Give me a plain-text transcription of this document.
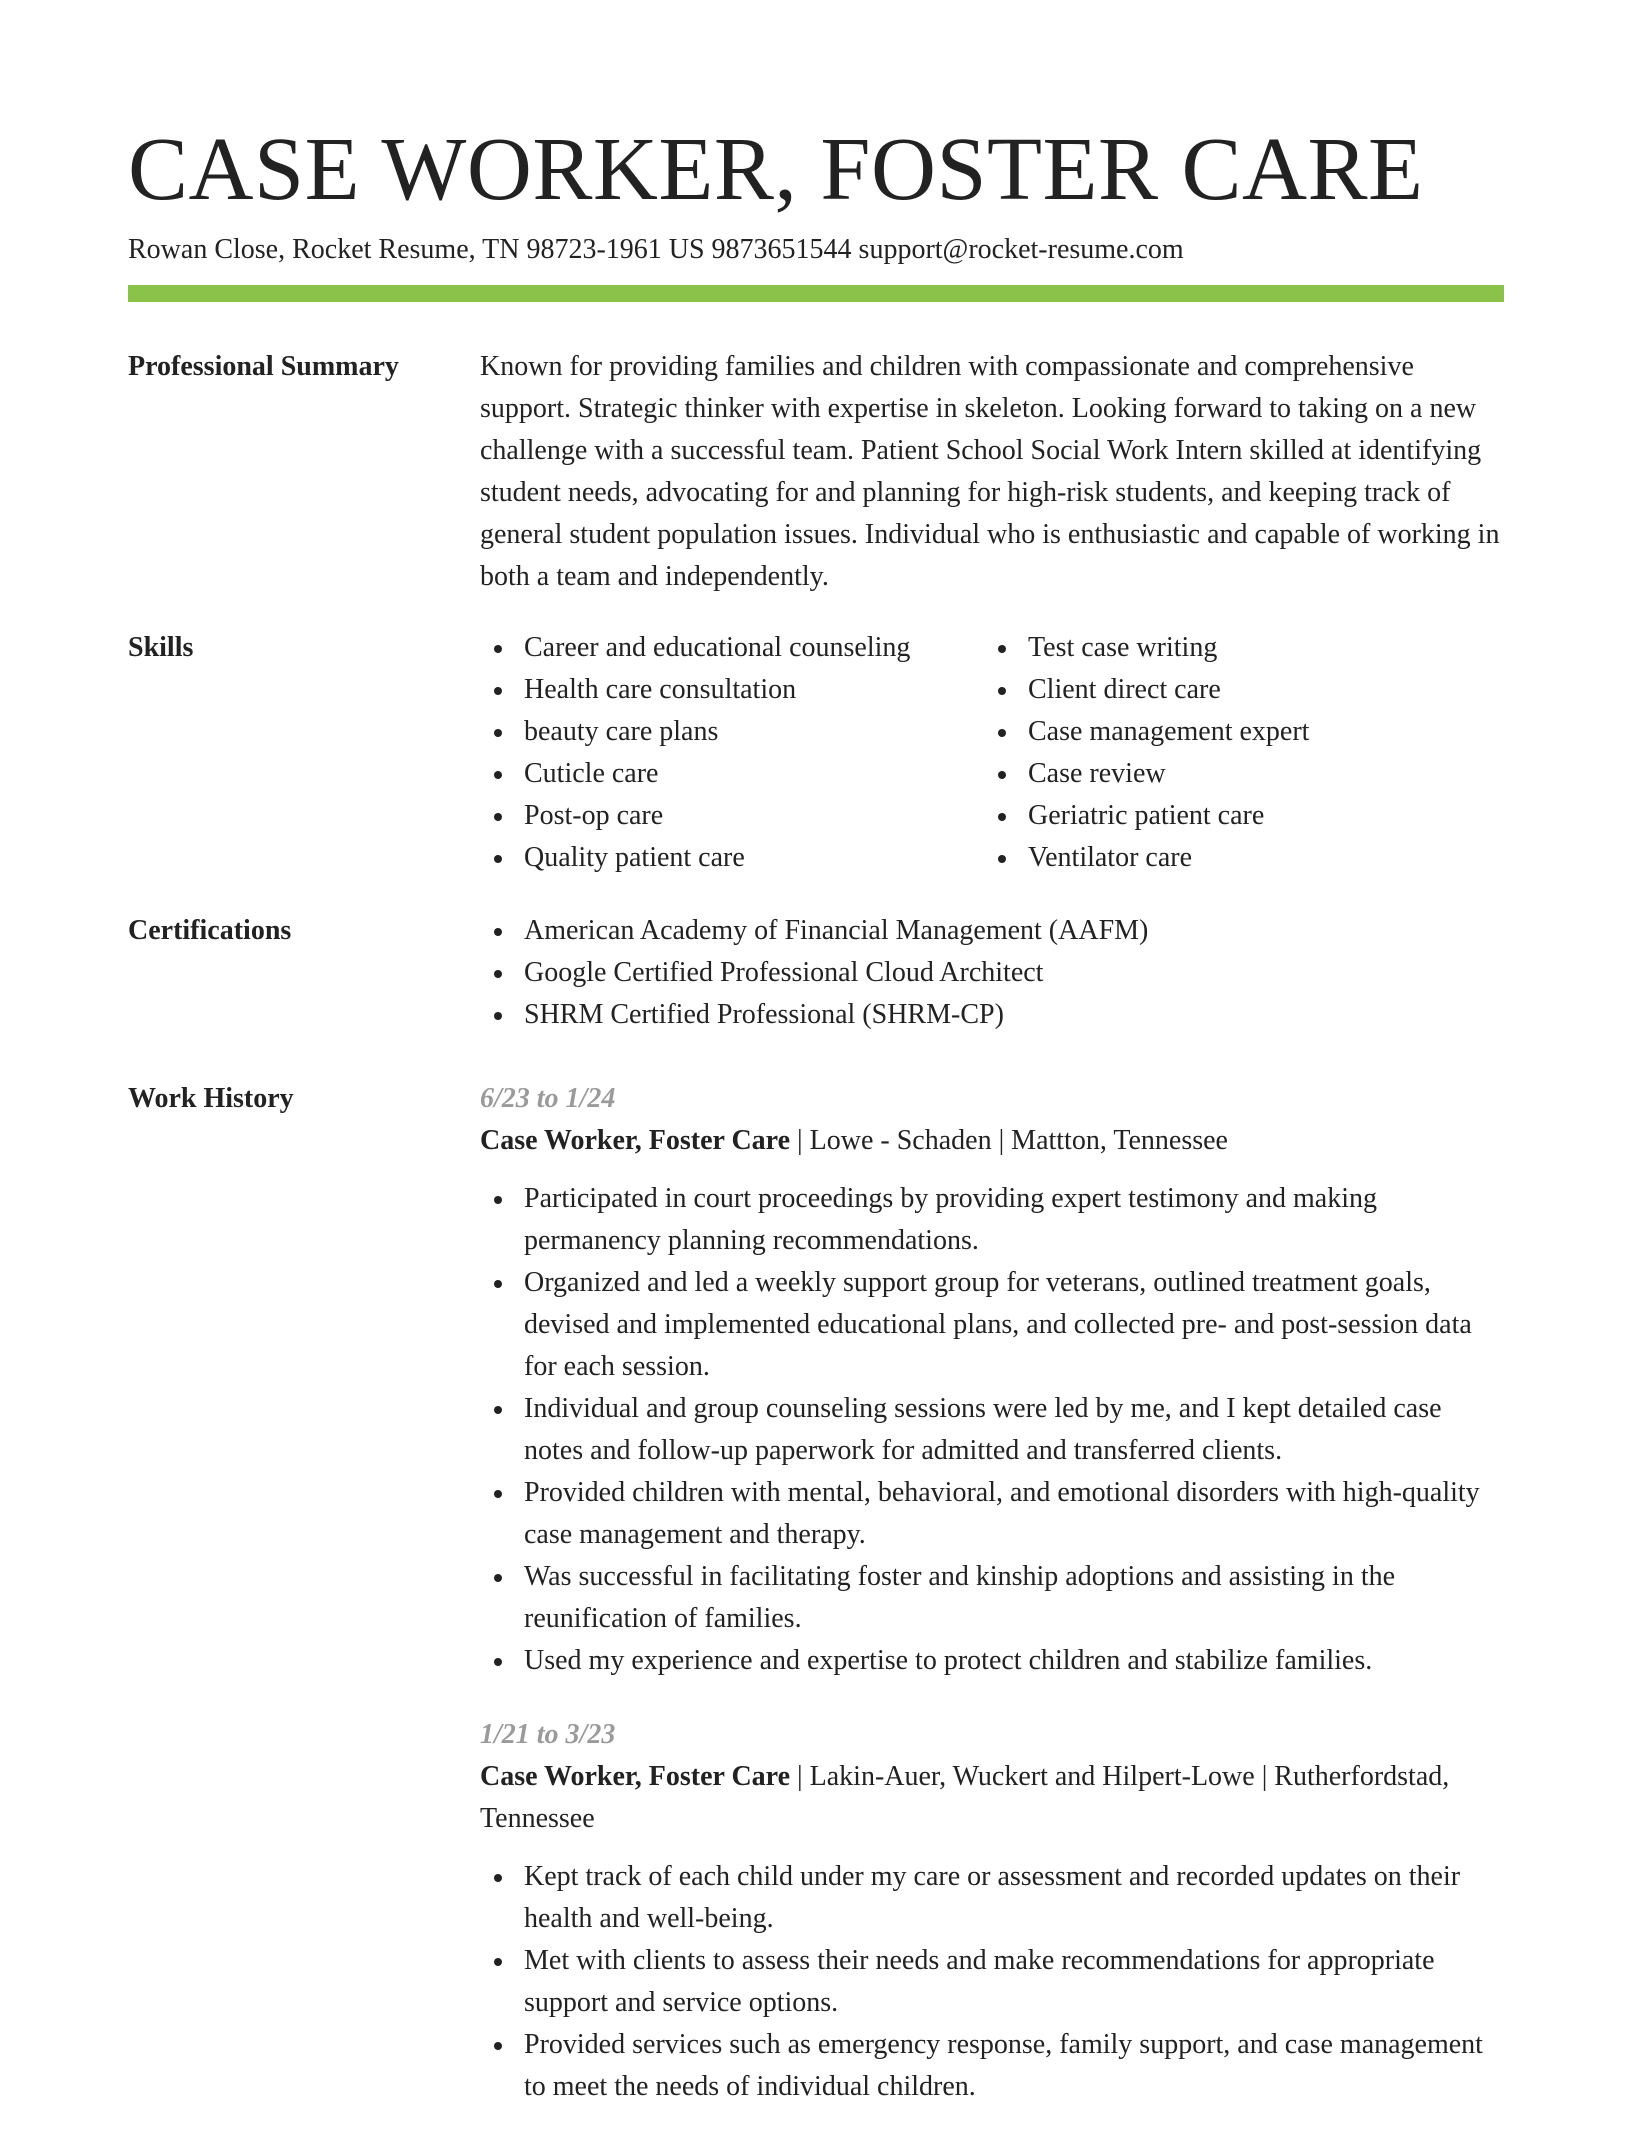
CASE WORKER, FOSTER CARE
Rowan Close, Rocket Resume, TN 98723-1961 US 9873651544 support@rocket-resume.com
Professional Summary	Known for providing families and children with compassionate and comprehensive support. Strategic thinker with expertise in skeleton. Looking forward to taking on a new challenge with a successful team. Patient School Social Work Intern skilled at identifying student needs, advocating for and planning for high-risk students, and keeping track of general student population issues. Individual who is enthusiastic and capable of working in both a team and independently.

Skills	Career and educational counseling
Health care consultation
beauty care plans
Cuticle care
Post-op care
Quality patient care
Test case writing
Client direct care
Case management expert
Case review
Geriatric patient care
Ventilator care
Certifications	American Academy of Financial Management (AAFM)
Google Certified Professional Cloud Architect
SHRM Certified Professional (SHRM-CP)
Work History	6/23 to 1/24

Case Worker, Foster Care | Lowe - Schaden | Mattton, Tennessee

Participated in court proceedings by providing expert testimony and making permanency planning recommendations.
Organized and led a weekly support group for veterans, outlined treatment goals, devised and implemented educational plans, and collected pre- and post-session data for each session.
Individual and group counseling sessions were led by me, and I kept detailed case notes and follow-up paperwork for admitted and transferred clients.
Provided children with mental, behavioral, and emotional disorders with high-quality case management and therapy.
Was successful in facilitating foster and kinship adoptions and assisting in the reunification of families.
Used my experience and expertise to protect children and stabilize families.

1/21 to 3/23

Case Worker, Foster Care | Lakin-Auer, Wuckert and Hilpert-Lowe | Rutherfordstad, Tennessee

Kept track of each child under my care or assessment and recorded updates on their health and well-being.
Met with clients to assess their needs and make recommendations for appropriate support and service options.
Provided services such as emergency response, family support, and case management to meet the needs of individual children.
